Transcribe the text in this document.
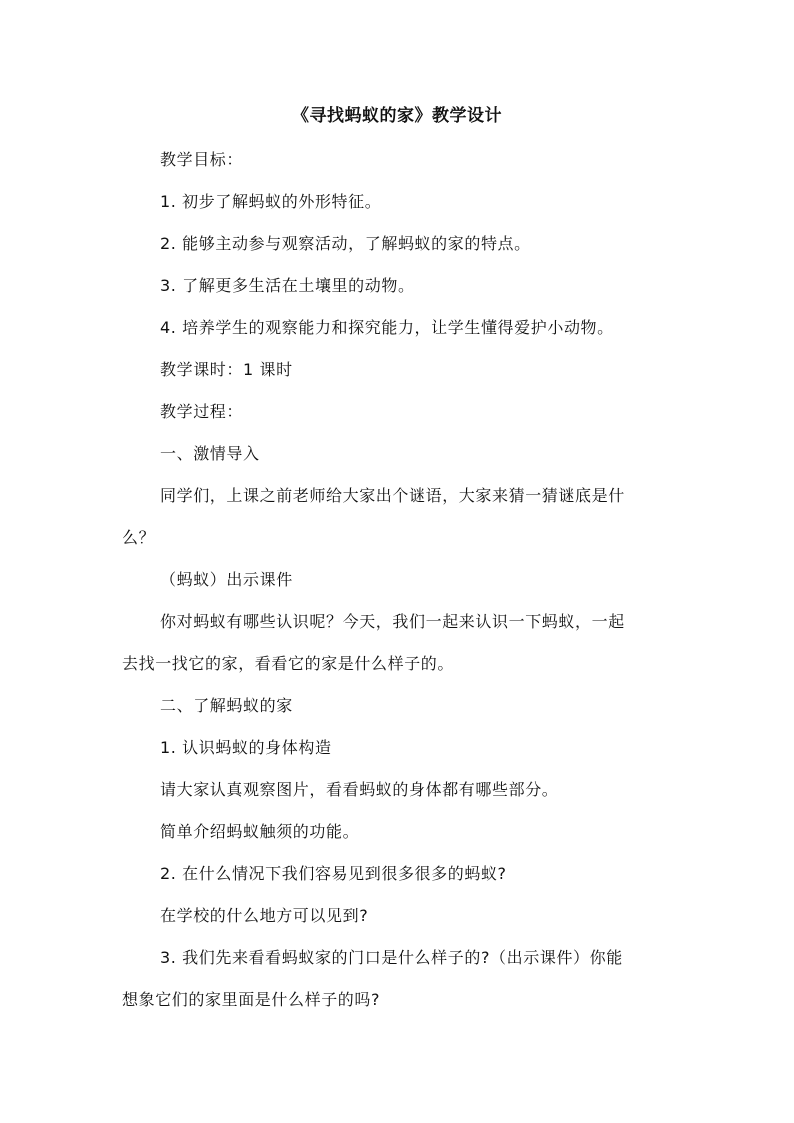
《寻找蚂蚁的家》教学设计
教学目标：
1. 初步了解蚂蚁的外形特征。
2. 能够主动参与观察活动，了解蚂蚁的家的特点。
3. 了解更多生活在土壤里的动物。
4. 培养学生的观察能力和探究能力，让学生懂得爱护小动物。
教学课时：1 课时
教学过程：
一、激情导入
同学们，上课之前老师给大家出个谜语，大家来猜一猜谜底是什
么？
（蚂蚁）出示课件
你对蚂蚁有哪些认识呢？今天，我们一起来认识一下蚂蚁，一起
去找一找它的家，看看它的家是什么样子的。
二、了解蚂蚁的家
1. 认识蚂蚁的身体构造
请大家认真观察图片，看看蚂蚁的身体都有哪些部分。
简单介绍蚂蚁触须的功能。
2. 在什么情况下我们容易见到很多很多的蚂蚁?
在学校的什么地方可以见到?
3. 我们先来看看蚂蚁家的门口是什么样子的?（出示课件）你能
想象它们的家里面是什么样子的吗?
